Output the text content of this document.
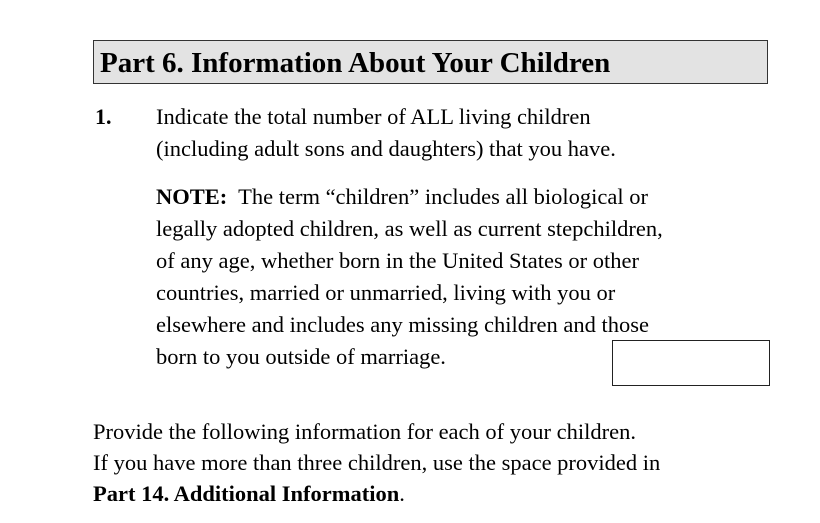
Part 6. Information About Your Children
1. Indicate the total number of ALL living children
(including adult sons and daughters) that you have.
NOTE:  The term “children” includes all biological or
legally adopted children, as well as current stepchildren,
of any age, whether born in the United States or other
countries, married or unmarried, living with you or
elsewhere and includes any missing children and those
born to you outside of marriage.
Provide the following information for each of your children.
If you have more than three children, use the space provided in
Part 14. Additional Information.
